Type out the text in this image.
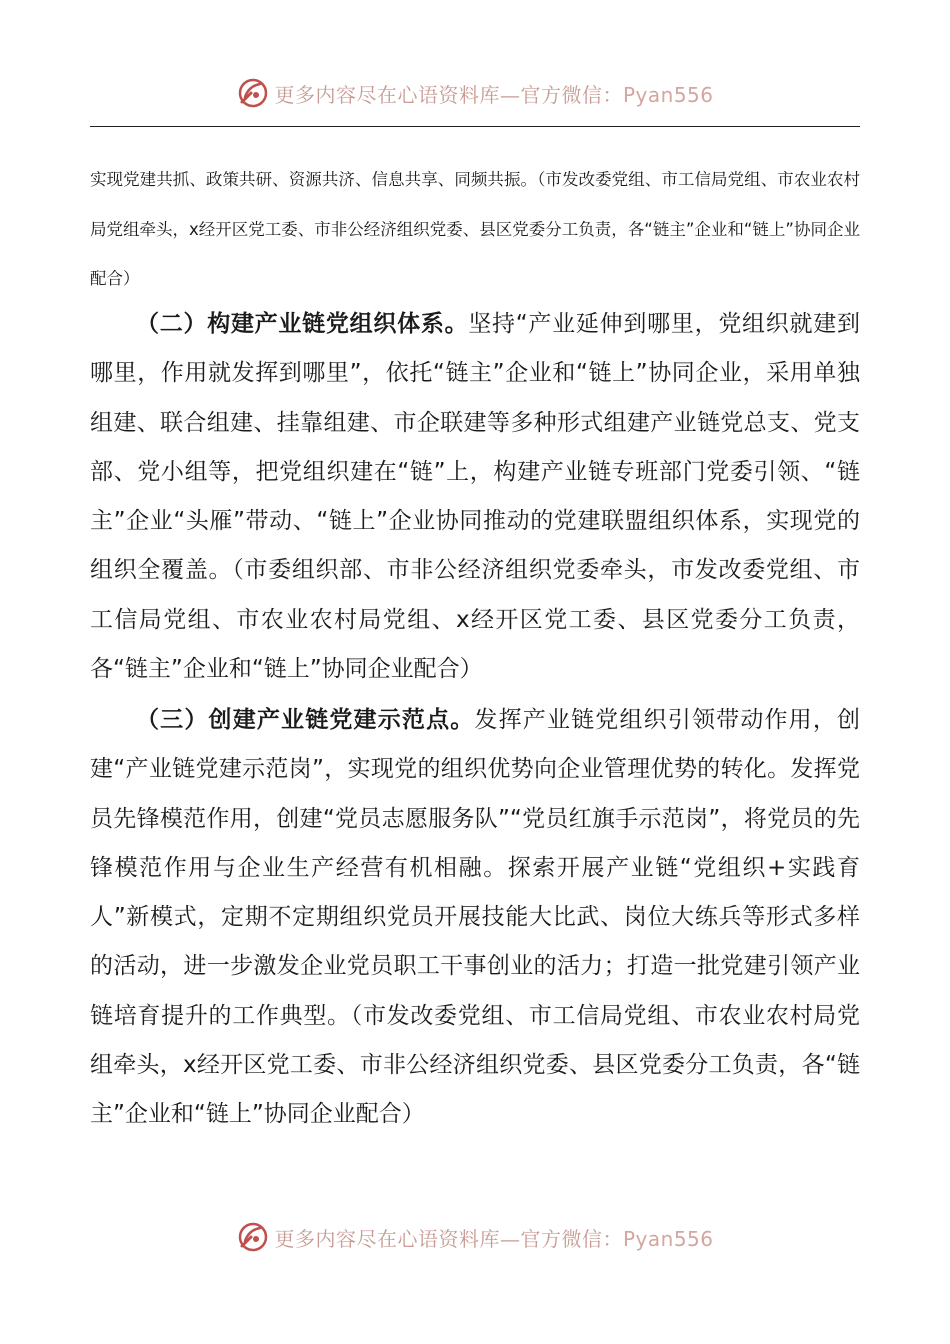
更多内容尽在心语资料库—官方微信：Pyan556
实现党建共抓、政策共研、资源共济、信息共享、同频共振。（市发改委党组、市工信局党组、市农业农村局党组牵头，x经开区党工委、市非公经济组织党委、县区党委分工负责，各“链主”企业和“链上”协同企业配合）
（二）构建产业链党组织体系。坚持“产业延伸到哪里，党组织就建到哪里，作用就发挥到哪里”，依托“链主”企业和“链上”协同企业，采用单独组建、联合组建、挂靠组建、市企联建等多种形式组建产业链党总支、党支部、党小组等，把党组织建在“链”上，构建产业链专班部门党委引领、“链主”企业“头雁”带动、“链上”企业协同推动的党建联盟组织体系，实现党的组织全覆盖。（市委组织部、市非公经济组织党委牵头，市发改委党组、市工信局党组、市农业农村局党组、x经开区党工委、县区党委分工负责，各“链主”企业和“链上”协同企业配合）
（三）创建产业链党建示范点。发挥产业链党组织引领带动作用，创建“产业链党建示范岗”，实现党的组织优势向企业管理优势的转化。发挥党员先锋模范作用，创建“党员志愿服务队”“党员红旗手示范岗”，将党员的先锋模范作用与企业生产经营有机相融。探索开展产业链“党组织+实践育人”新模式，定期不定期组织党员开展技能大比武、岗位大练兵等形式多样的活动，进一步激发企业党员职工干事创业的活力；打造一批党建引领产业链培育提升的工作典型。（市发改委党组、市工信局党组、市农业农村局党组牵头，x经开区党工委、市非公经济组织党委、县区党委分工负责，各“链主”企业和“链上”协同企业配合）
更多内容尽在心语资料库—官方微信：Pyan556
